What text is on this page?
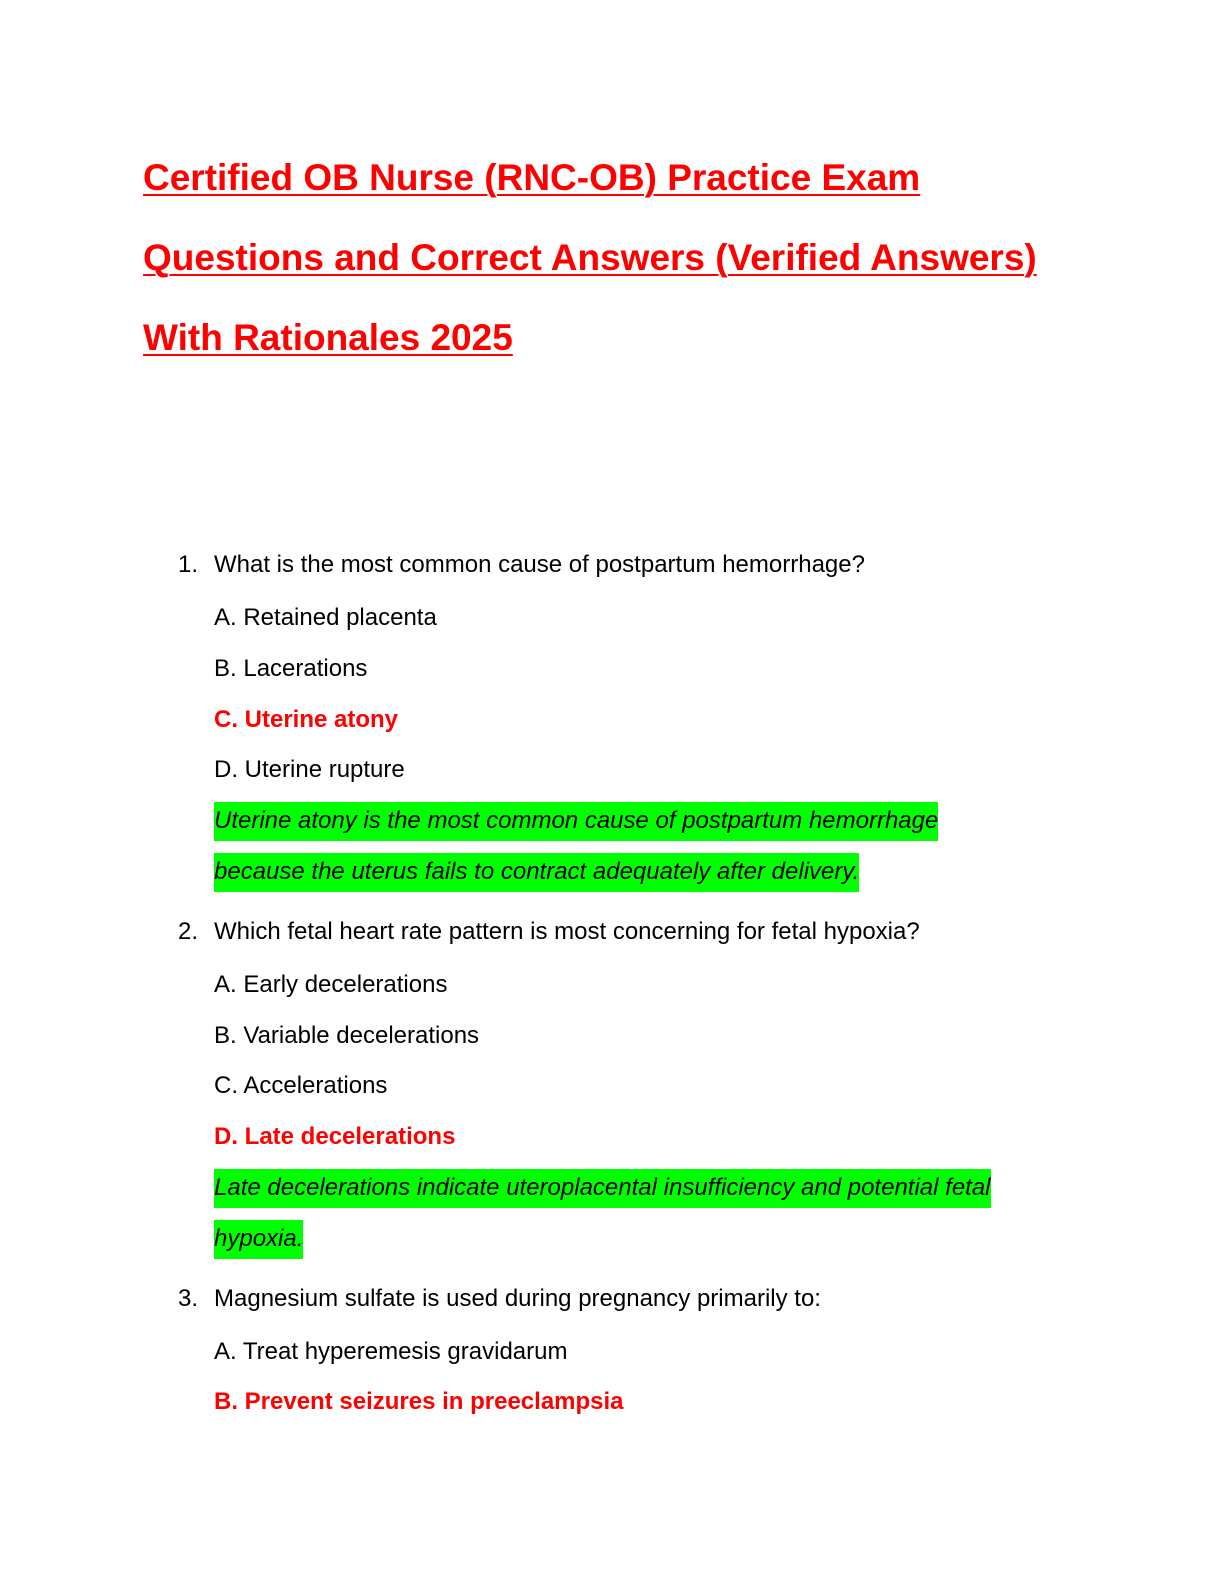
Certified OB Nurse (RNC-OB) Practice Exam
Questions and Correct Answers (Verified Answers)
With Rationales 2025
1. What is the most common cause of postpartum hemorrhage?
A. Retained placenta
B. Lacerations
C. Uterine atony
D. Uterine rupture

Uterine atony is the most common cause of postpartum hemorrhage
because the uterus fails to contract adequately after delivery.

2. Which fetal heart rate pattern is most concerning for fetal hypoxia?
A. Early decelerations
B. Variable decelerations
C. Accelerations
D. Late decelerations

Late decelerations indicate uteroplacental insufficiency and potential fetal
hypoxia.

3. Magnesium sulfate is used during pregnancy primarily to:
A. Treat hyperemesis gravidarum
B. Prevent seizures in preeclampsia
